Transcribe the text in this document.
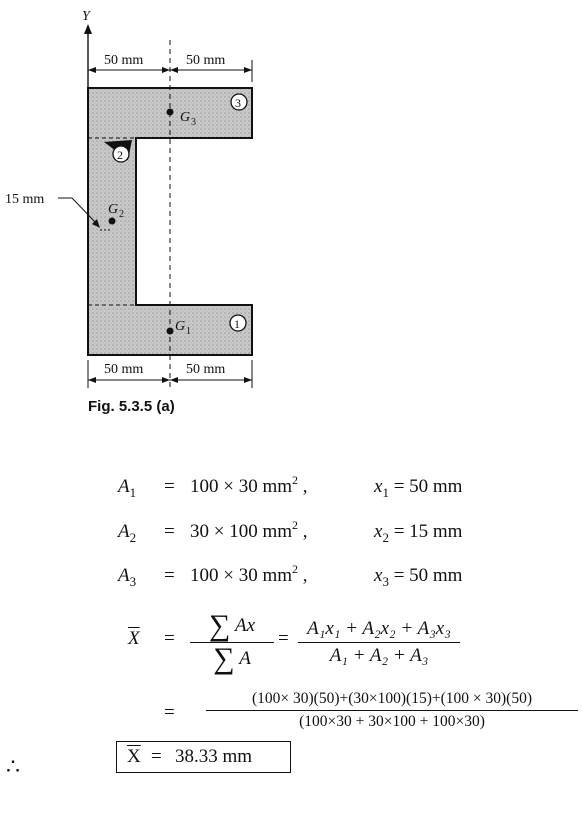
Y
50 mm	50 mm
G 3
3
2
G 2
15 mm
G 1
1
50 mm	50 mm
Fig. 5.3.5 (a)
$A_1 = 100 \times 30$ $mm^2$ ,	$x_1 = 50$ mm
$A_2 = 30 \times 100$ $mm^2$ ,	$x_2 = 15$ mm
$A_3 = 100 \times 30$ $mm^2$ ,	$x_3 = 50$ mm
$\overline{X}$ =	∑ Ax
∑ A
= A₁x₁ + A₂x₂ + A₃x₃
A₁ + A₂ + A₃
=
(100× 30)(50)+(30×100)(15)+(100 × 30)(50)
(100×30 + 30×100 + 100×30)
∴	$\overline{X} = 38.33$ mm
